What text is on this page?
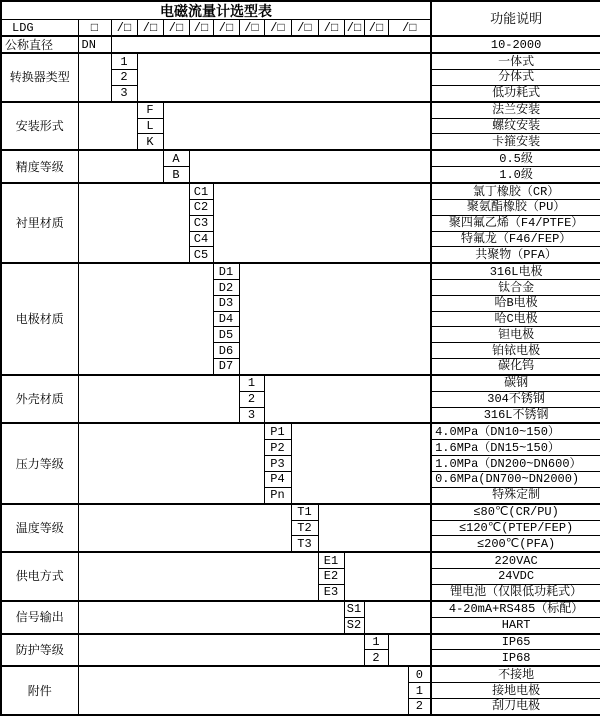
电磁流量计选型表															功能说明
LDG	□	/□	/□	/□	/□	/□	/□	/□	/□	/□	/□	/□	/□		
公称直径	DN														10-2000
转换器类型		1													一体式
		2													分体式
		3													低功耗式
安装形式			F												法兰安装
			L												螺纹安装
			K												卡箍安装
精度等级				A											0.5级
				B											1.0级
衬里材质					C1										氯丁橡胶（CR）
					C2										聚氨酯橡胶（PU）
					C3										聚四氟乙烯（F4/PTFE）
					C4										特氟龙（F46/FEP）
					C5										共聚物（PFA）
电极材质						D1									316L电极
						D2									钛合金
						D3									哈B电极
						D4									哈C电极
						D5									钽电极
						D6									铂铱电极
						D7									碳化钨
外壳材质							1								碳钢
							2								304不锈钢
							3								316L不锈钢
压力等级								P1							4.0MPa（DN10~150）
								P2							1.6MPa（DN15~150）
								P3							1.0MPa（DN200~DN600）
								P4							0.6MPa(DN700~DN2000)
								Pn							特殊定制
温度等级									T1						≤80℃(CR/PU)
									T2						≤120℃(PTEP/FEP)
									T3						≤200℃(PFA)
供电方式										E1					220VAC
										E2					24VDC
										E3					锂电池（仅限低功耗式）
信号输出											S1				4-20mA+RS485（标配）
											S2				HART
防护等级												1			IP65
												2			IP68
附件														0	不接地
														1	接地电极
														2	刮刀电极
